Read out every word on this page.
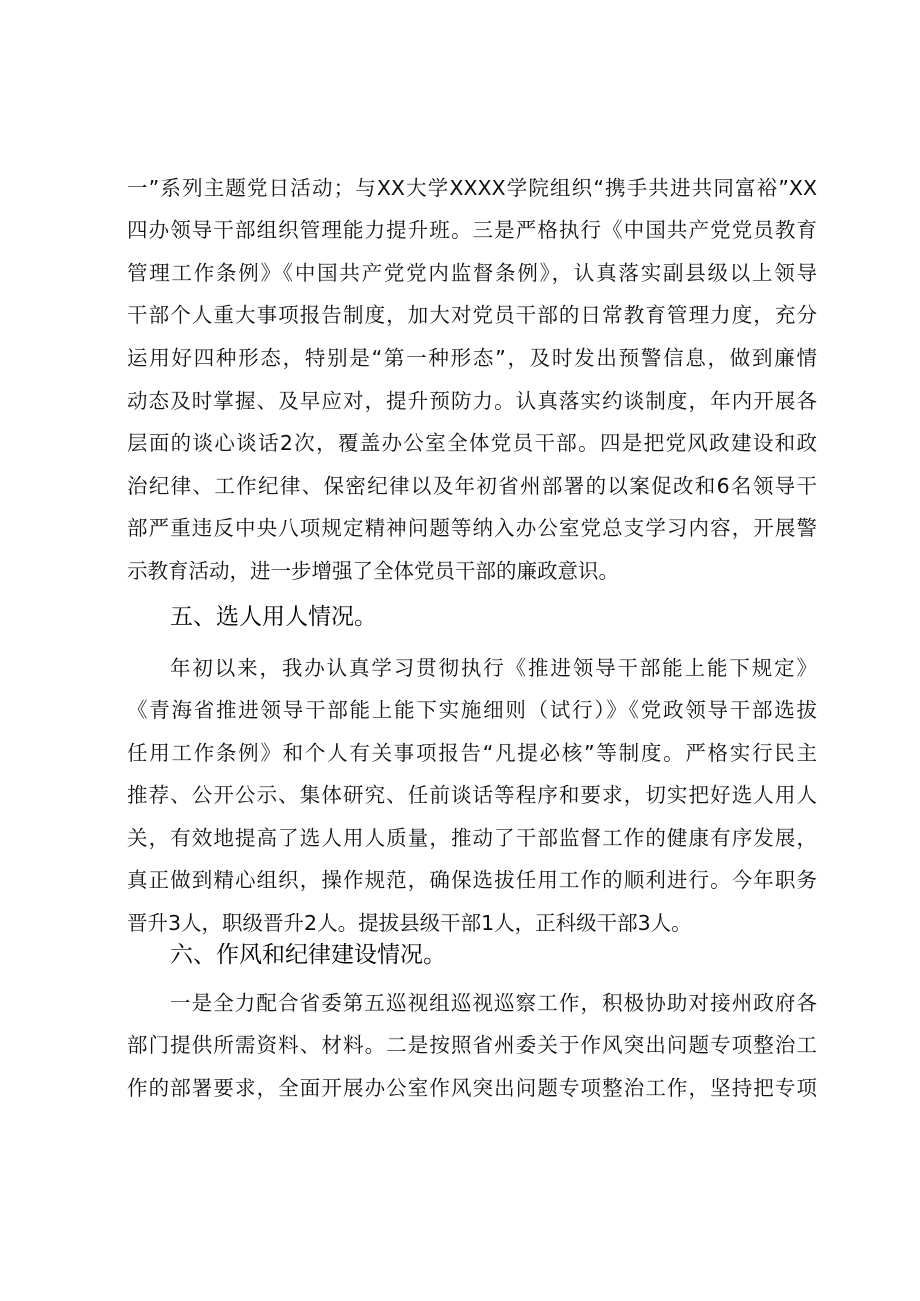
一”系列主题党日活动；与XX大学XXXX学院组织“携手共进共同富裕”XX
四办领导干部组织管理能力提升班。三是严格执行《中国共产党党员教育
管理工作条例》《中国共产党党内监督条例》，认真落实副县级以上领导
干部个人重大事项报告制度，加大对党员干部的日常教育管理力度，充分
运用好四种形态，特别是“第一种形态”，及时发出预警信息，做到廉情
动态及时掌握、及早应对，提升预防力。认真落实约谈制度，年内开展各
层面的谈心谈话2次，覆盖办公室全体党员干部。四是把党风政建设和政
治纪律、工作纪律、保密纪律以及年初省州部署的以案促改和6名领导干
部严重违反中央八项规定精神问题等纳入办公室党总支学习内容，开展警
示教育活动，进一步增强了全体党员干部的廉政意识。
五、选人用人情况。
年初以来，我办认真学习贯彻执行《推进领导干部能上能下规定》
《青海省推进领导干部能上能下实施细则（试行）》《党政领导干部选拔
任用工作条例》和个人有关事项报告“凡提必核”等制度。严格实行民主
推荐、公开公示、集体研究、任前谈话等程序和要求，切实把好选人用人
关，有效地提高了选人用人质量，推动了干部监督工作的健康有序发展，
真正做到精心组织，操作规范，确保选拔任用工作的顺利进行。今年职务
晋升3人，职级晋升2人。提拔县级干部1人，正科级干部3人。
六、作风和纪律建设情况。
一是全力配合省委第五巡视组巡视巡察工作，积极协助对接州政府各
部门提供所需资料、材料。二是按照省州委关于作风突出问题专项整治工
作的部署要求，全面开展办公室作风突出问题专项整治工作，坚持把专项
